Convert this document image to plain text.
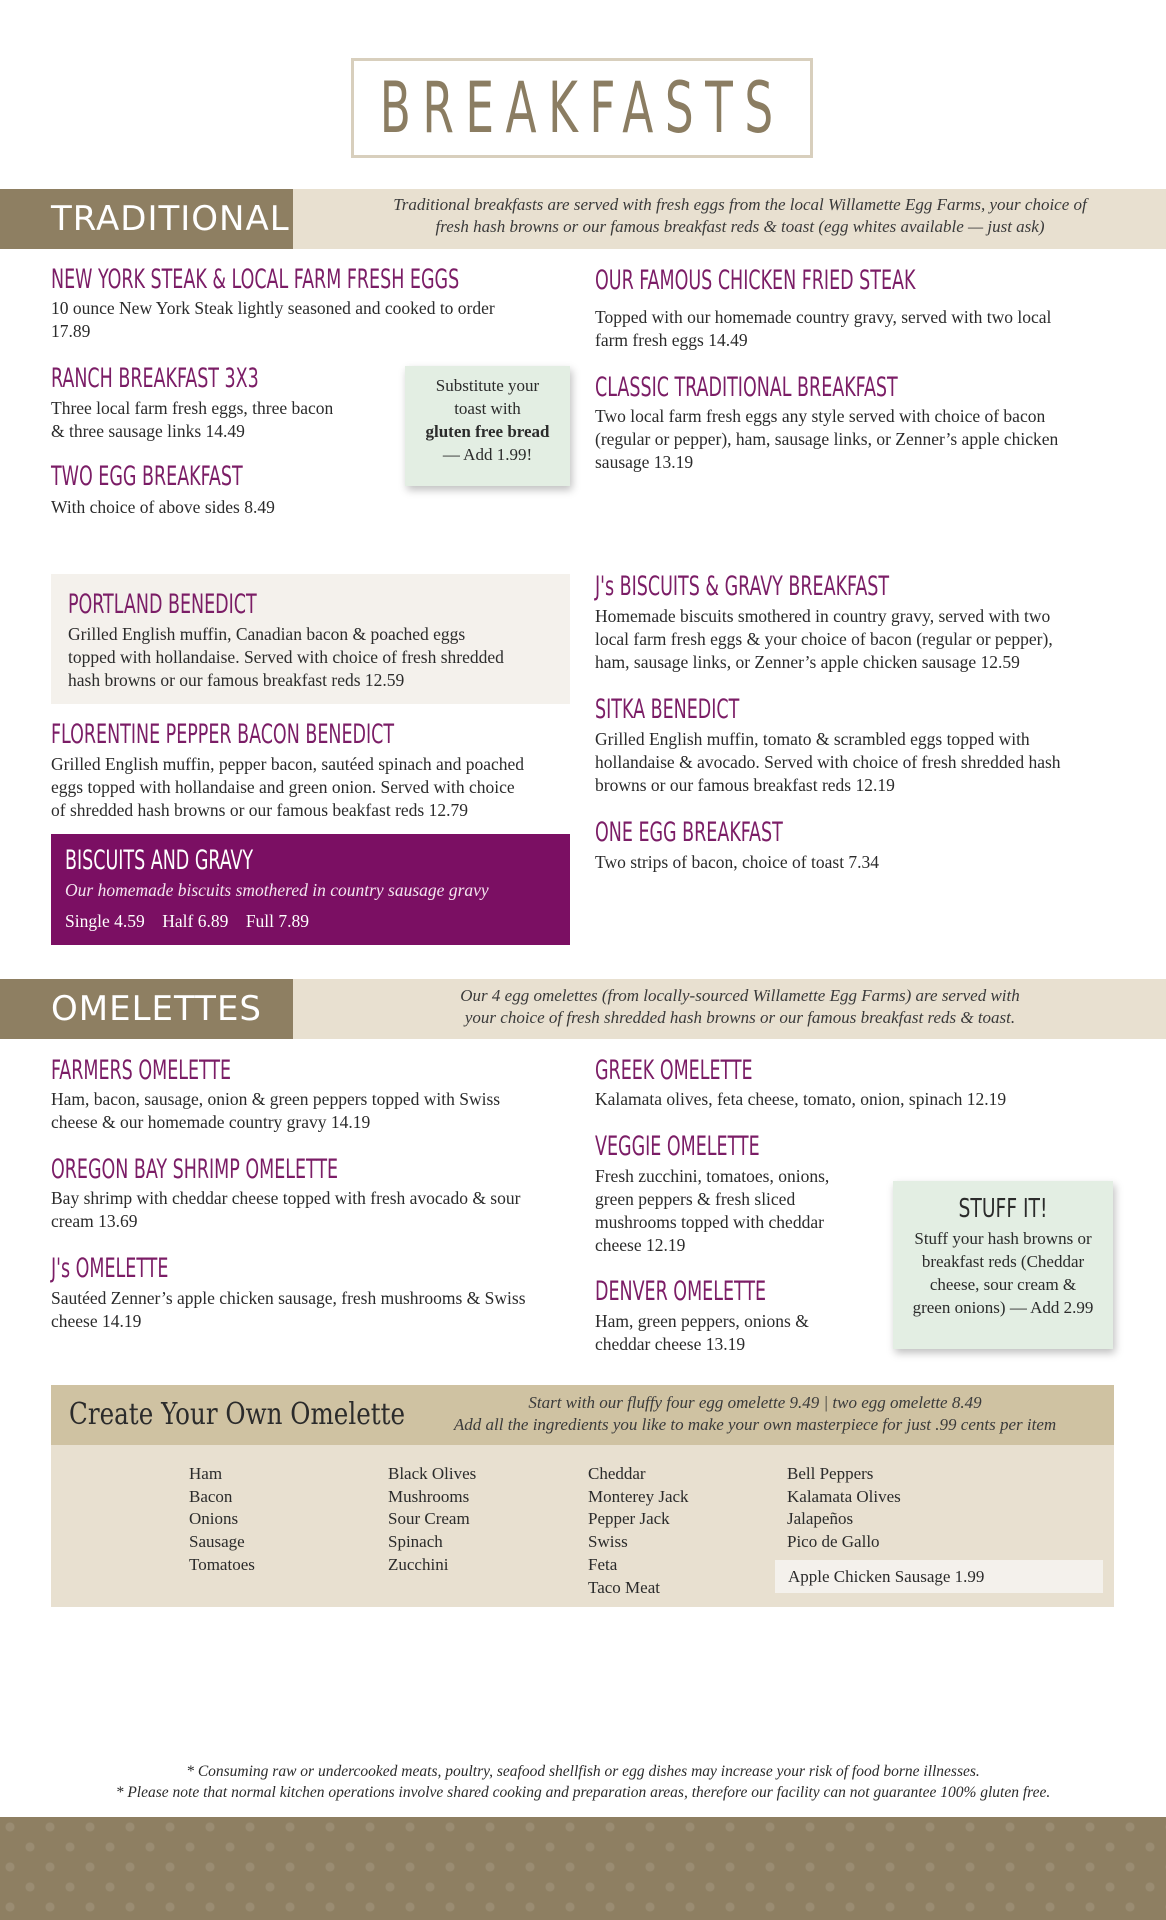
BREAKFASTS
TRADITIONAL	Traditional breakfasts are served with fresh eggs from the local Willamette Egg Farms, your choice of
fresh hash browns or our famous breakfast reds & toast (egg whites available — just ask)
NEW YORK STEAK & LOCAL FARM FRESH EGGS
10 ounce New York Steak lightly seasoned and cooked to order
17.89
RANCH BREAKFAST 3X3
Three local farm fresh eggs, three bacon
& three sausage links 14.49
TWO EGG BREAKFAST
With choice of above sides 8.49
Substitute your
toast with
gluten free bread
— Add 1.99!
OUR FAMOUS CHICKEN FRIED STEAK
Topped with our homemade country gravy, served with two local
farm fresh eggs 14.49
CLASSIC TRADITIONAL BREAKFAST
Two local farm fresh eggs any style served with choice of bacon
(regular or pepper), ham, sausage links, or Zenner’s apple chicken
sausage 13.19
PORTLAND BENEDICT
Grilled English muffin, Canadian bacon & poached eggs
topped with hollandaise. Served with choice of fresh shredded
hash browns or our famous breakfast reds 12.59
FLORENTINE PEPPER BACON BENEDICT
Grilled English muffin, pepper bacon, sautéed spinach and poached
eggs topped with hollandaise and green onion. Served with choice
of shredded hash browns or our famous beakfast reds 12.79
BISCUITS AND GRAVY
Our homemade biscuits smothered in country sausage gravy
Single 4.59    Half 6.89    Full 7.89
J's BISCUITS & GRAVY BREAKFAST
Homemade biscuits smothered in country gravy, served with two
local farm fresh eggs & your choice of bacon (regular or pepper),
ham, sausage links, or Zenner’s apple chicken sausage 12.59
SITKA BENEDICT
Grilled English muffin, tomato & scrambled eggs topped with
hollandaise & avocado. Served with choice of fresh shredded hash
browns or our famous breakfast reds 12.19
ONE EGG BREAKFAST
Two strips of bacon, choice of toast 7.34
OMELETTES	Our 4 egg omelettes (from locally-sourced Willamette Egg Farms) are served with
your choice of fresh shredded hash browns or our famous breakfast reds & toast.
FARMERS OMELETTE
Ham, bacon, sausage, onion & green peppers topped with Swiss
cheese & our homemade country gravy 14.19
OREGON BAY SHRIMP OMELETTE
Bay shrimp with cheddar cheese topped with fresh avocado & sour
cream 13.69
J's OMELETTE
Sautéed Zenner’s apple chicken sausage, fresh mushrooms & Swiss
cheese 14.19
GREEK OMELETTE
Kalamata olives, feta cheese, tomato, onion, spinach 12.19
VEGGIE OMELETTE
Fresh zucchini, tomatoes, onions,
green peppers & fresh sliced
mushrooms topped with cheddar
cheese 12.19
DENVER OMELETTE
Ham, green peppers, onions &
cheddar cheese 13.19
STUFF IT!
Stuff your hash browns or
breakfast reds (Cheddar
cheese, sour cream &
green onions) — Add 2.99
Create Your Own Omelette	Start with our fluffy four egg omelette 9.49 | two egg omelette 8.49
Add all the ingredients you like to make your own masterpiece for just .99 cents per item
Ham
Bacon
Onions
Sausage
Tomatoes
Black Olives
Mushrooms
Sour Cream
Spinach
Zucchini
Cheddar
Monterey Jack
Pepper Jack
Swiss
Feta
Taco Meat
Bell Peppers
Kalamata Olives
Jalapeños
Pico de Gallo
Apple Chicken Sausage 1.99
* Consuming raw or undercooked meats, poultry, seafood shellfish or egg dishes may increase your risk of food borne illnesses.
* Please note that normal kitchen operations involve shared cooking and preparation areas, therefore our facility can not guarantee 100% gluten free.
